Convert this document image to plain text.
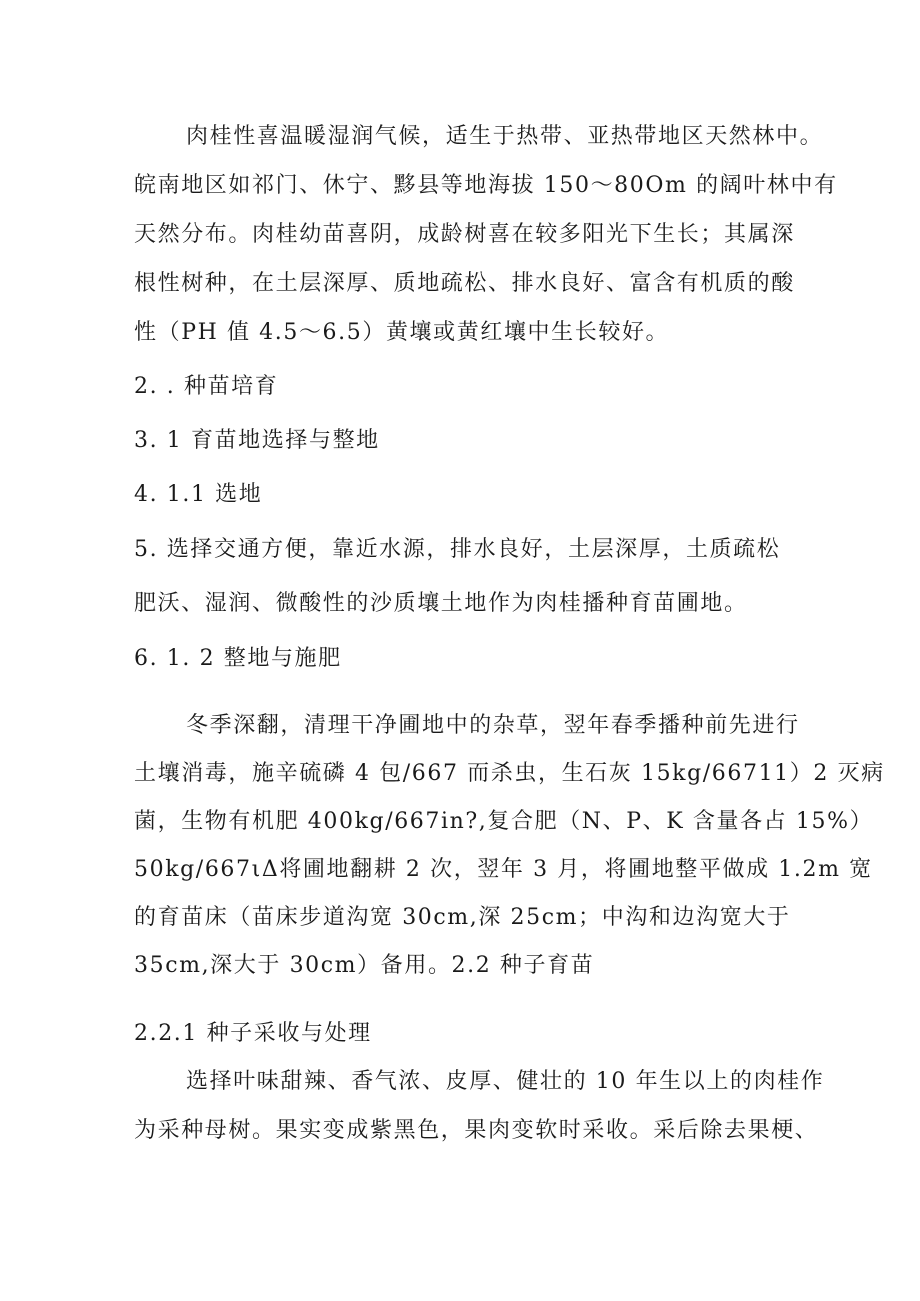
肉桂性喜温暖湿润气候，适生于热带、亚热带地区天然林中。
皖南地区如祁门、休宁、黟县等地海拔 150～80Om 的阔叶林中有
天然分布。肉桂幼苗喜阴，成龄树喜在较多阳光下生长；其属深
根性树种，在土层深厚、质地疏松、排水良好、富含有机质的酸
性（PH 值 4.5～6.5）黄壤或黄红壤中生长较好。
2. . 种苗培育
3. 1 育苗地选择与整地
4. 1.1 选地
5. 选择交通方便，靠近水源，排水良好，土层深厚，土质疏松
肥沃、湿润、微酸性的沙质壤土地作为肉桂播种育苗圃地。
6. 1. 2 整地与施肥
冬季深翻，清理干净圃地中的杂草，翌年春季播种前先进行
土壤消毒，施辛硫磷 4 包/667 而杀虫，生石灰 15kg/66711）2 灭病
菌，生物有机肥 400kg/667in?,复合肥（N、P、K 含量各占 15%）
50kg/667ιΔ将圃地翻耕 2 次，翌年 3 月，将圃地整平做成 1.2m 宽
的育苗床（苗床步道沟宽 30cm,深 25cm；中沟和边沟宽大于
35cm,深大于 30cm）备用。2.2 种子育苗
2.2.1 种子采收与处理
选择叶味甜辣、香气浓、皮厚、健壮的 10 年生以上的肉桂作
为采种母树。果实变成紫黑色，果肉变软时采收。采后除去果梗、
